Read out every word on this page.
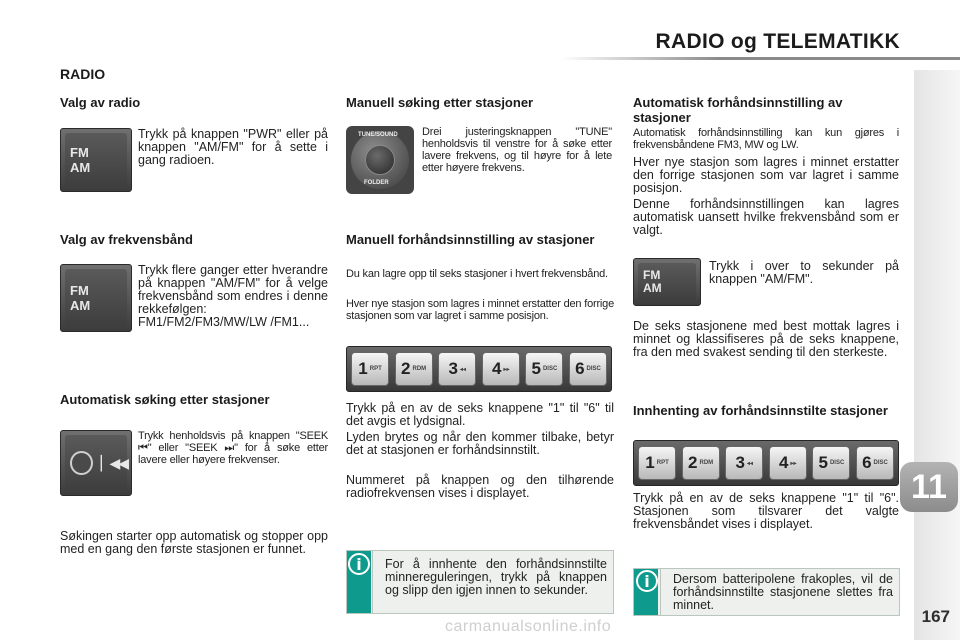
RADIO og TELEMATIKK
11
RADIO
Valg av radio
FM
AM
Trykk på knappen "PWR" eller på knappen "AM/FM" for å sette i gang radioen.
Valg av frekvensbånd
FM
AM
Trykk flere ganger etter hverandre på knappen "AM/FM" for å velge frekvensbånd som endres i denne rekkefølgen: FM1/FM2/FM3/MW/LW /FM1...
Automatisk søking etter stasjoner
▏◀◀
Trykk henholdsvis på knappen "SEEK ⏮" eller "SEEK ⏭" for å søke etter lavere eller høyere frekvenser.
Søkingen starter opp automatisk og stopper opp med en gang den første stasjonen er funnet.
Manuell søking etter stasjoner
TUNE/SOUND
FOLDER
Drei justeringsknappen "TUNE" henholdsvis til venstre for å søke etter lavere frekvens, og til høyre for å lete etter høyere frekvens.
Manuell forhåndsinnstilling av stasjoner
Du kan lagre opp til seks stasjoner i hvert frekvensbånd.
Hver nye stasjon som lagres i minnet erstatter den forrige stasjonen som var lagret i samme posisjon.
1 RPT 2 RDM 3 ◂◂ 4 ▸▸ 5 DISC 6 DISC
Trykk på en av de seks knappene "1" til "6" til det avgis et lydsignal.
Lyden brytes og når den kommer tilbake, betyr det at stasjonen er forhåndsinnstilt.
Nummeret på knappen og den tilhørende radiofrekvensen vises i displayet.
For å innhente den forhåndsinnstilte minnereguleringen, trykk på knappen og slipp den igjen innen to sekunder.
i
Automatisk forhåndsinnstilling av stasjoner
Automatisk forhåndsinnstilling kan kun gjøres i frekvensbåndene FM3, MW og LW.
Hver nye stasjon som lagres i minnet erstatter den forrige stasjonen som var lagret i samme posisjon.
Denne forhåndsinnstillingen kan lagres automatisk uansett hvilke frekvensbånd som er valgt.
FM
AM
Trykk i over to sekunder på knappen "AM/FM".
De seks stasjonene med best mottak lagres i minnet og klassifiseres på de seks knappene, fra den med svakest sending til den sterkeste.
Innhenting av forhåndsinnstilte stasjoner
1 RPT 2 RDM 3 ◂◂ 4 ▸▸ 5 DISC 6 DISC
Trykk på en av de seks knappene "1" til "6". Stasjonen som tilsvarer det valgte frekvensbåndet vises i displayet.
Dersom batteripolene frakoples, vil de forhåndsinnstilte stasjonene slettes fra minnet.
i
167
carmanualsonline.info
